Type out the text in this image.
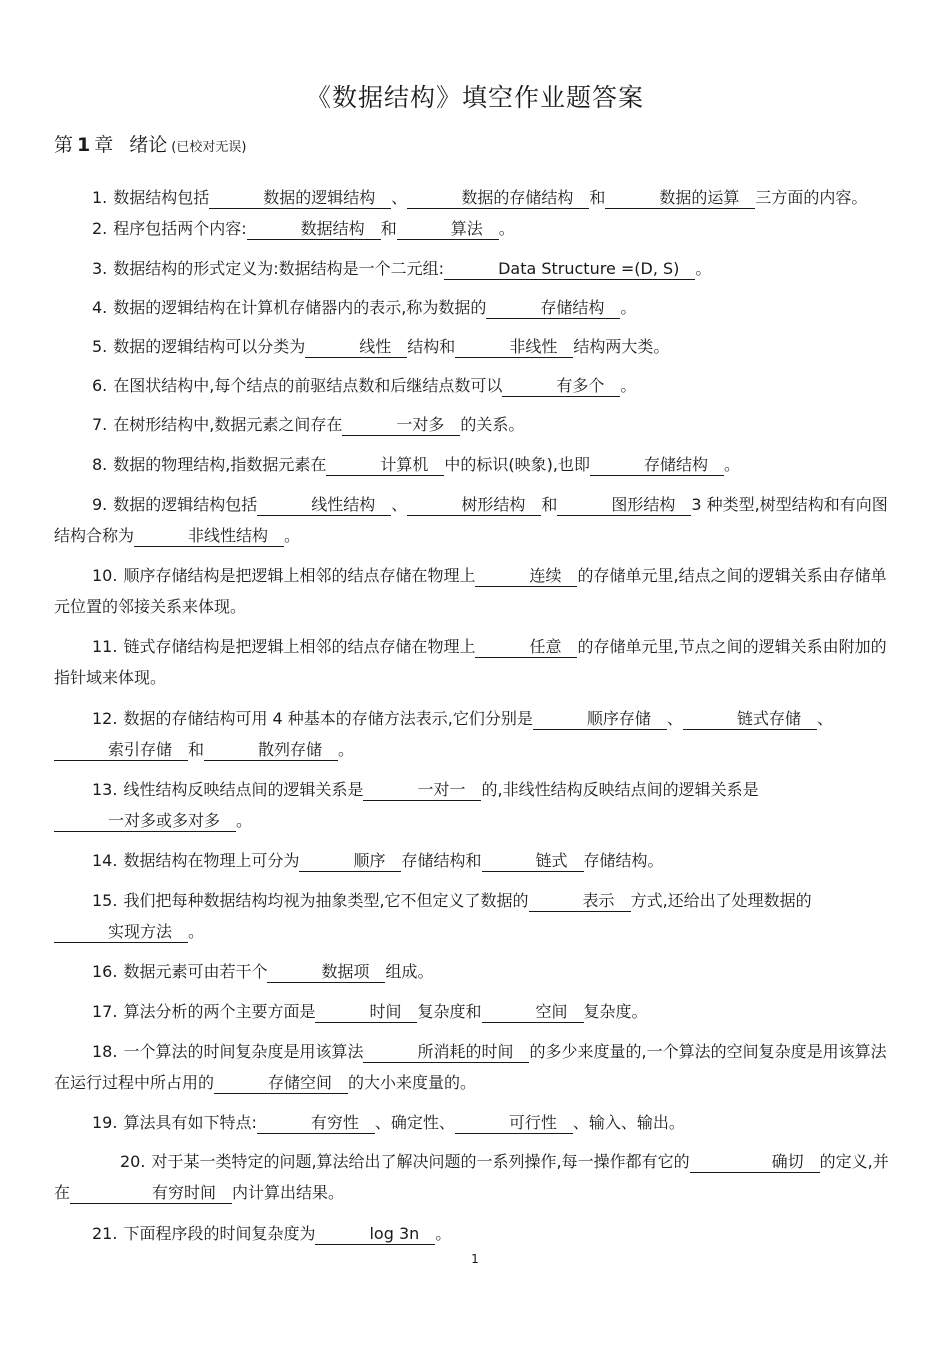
《数据结构》填空作业题答案
第 1 章 绪论 (已校对无误)
1. 数据结构包括	数据的逻辑结构 、	数据的存储结构 和	数据的运算 三方面的内容。
2. 程序包括两个内容:	数据结构 和	算法 。
3. 数据结构的形式定义为:数据结构是一个二元组:	Data Structure =(D, S) 。
4. 数据的逻辑结构在计算机存储器内的表示,称为数据的	存储结构 。
5. 数据的逻辑结构可以分类为	线性 结构和	非线性 结构两大类。
6. 在图状结构中,每个结点的前驱结点数和后继结点数可以	有多个 。
7. 在树形结构中,数据元素之间存在	一对多 的关系。
8. 数据的物理结构,指数据元素在	计算机 中的标识(映象),也即	存储结构 。
9. 数据的逻辑结构包括	线性结构 、	树形结构 和	图形结构 3 种类型,树型结构和有向图结构合称为	非线性结构 。
10. 顺序存储结构是把逻辑上相邻的结点存储在物理上	连续 的存储单元里,结点之间的逻辑关系由存储单元位置的邻接关系来体现。
11. 链式存储结构是把逻辑上相邻的结点存储在物理上	任意 的存储单元里,节点之间的逻辑关系由附加的指针域来体现。
12. 数据的存储结构可用 4 种基本的存储方法表示,它们分别是	顺序存储 、	链式存储 、索引存储 和	散列存储 。
13. 线性结构反映结点间的逻辑关系是	一对一 的,非线性结构反映结点间的逻辑关系是一对多或多对多 。
14. 数据结构在物理上可分为	顺序 存储结构和	链式 存储结构。
15. 我们把每种数据结构均视为抽象类型,它不但定义了数据的	表示 方式,还给出了处理数据的实现方法 。
16. 数据元素可由若干个	数据项 组成。
17. 算法分析的两个主要方面是	时间 复杂度和	空间 复杂度。
18. 一个算法的时间复杂度是用该算法	所消耗的时间 的多少来度量的,一个算法的空间复杂度是用该算法在运行过程中所占用的	存储空间 的大小来度量的。
19. 算法具有如下特点:	有穷性 、确定性、	可行性 、输入、输出。
20. 对于某一类特定的问题,算法给出了解决问题的一系列操作,每一操作都有它的	确切 的定义,并在	有穷时间 内计算出结果。
21. 下面程序段的时间复杂度为	log 3n 。
1
